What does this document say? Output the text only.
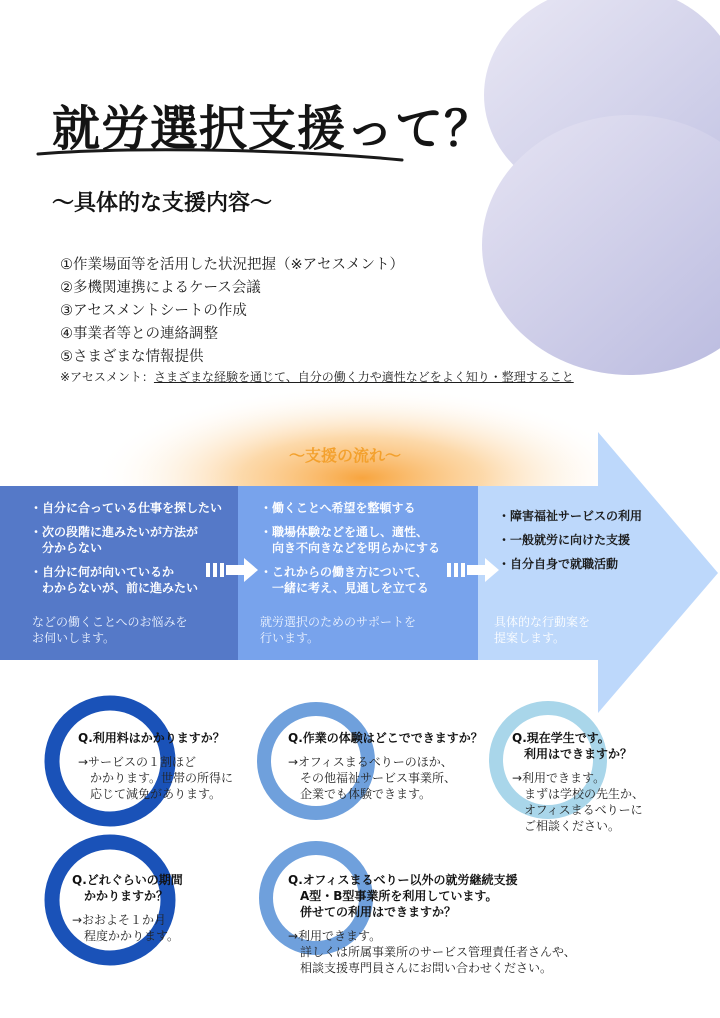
就労選択支援って？
〜具体的な支援内容〜
①作業場面等を活用した状況把握（※アセスメント）
②多機関連携によるケース会議
③アセスメントシートの作成
④事業者等との連絡調整
⑤さまざまな情報提供
※アセスメント：さまざまな経験を通じて、自分の働く力や適性などをよく知り・整理すること
〜支援の流れ〜
・自分に合っている仕事を探したい
・次の段階に進みたいが方法が
　分からない
・自分に何が向いているか
　わからないが、前に進みたい
などの働くことへのお悩みを
お伺いします。
・働くことへ希望を整頓する
・職場体験などを通し、適性、
　向き不向きなどを明らかにする
・これからの働き方について、
　一緒に考え、見通しを立てる
就労選択のためのサポートを
行います。
・障害福祉サービスの利用
・一般就労に向けた支援
・自分自身で就職活動
具体的な行動案を
提案します。
Q.利用料はかかりますか？
→サービスの１割ほど
　かかります。世帯の所得に
　応じて減免があります。
Q.作業の体験はどこでできますか？
→オフィスまるべりーのほか、
　その他福祉サービス事業所、
　企業でも体験できます。
Q.現在学生です。
　利用はできますか？
→利用できます。
　まずは学校の先生か、
　オフィスまるべりーに
　ご相談ください。
Q.どれぐらいの期間
　かかりますか？
→おおよそ１か月
　程度かかります。
Q.オフィスまるべりー以外の就労継続支援
　A型・B型事業所を利用しています。
　併せての利用はできますか？
→利用できます。
　詳しくは所属事業所のサービス管理責任者さんや、
　相談支援専門員さんにお問い合わせください。
